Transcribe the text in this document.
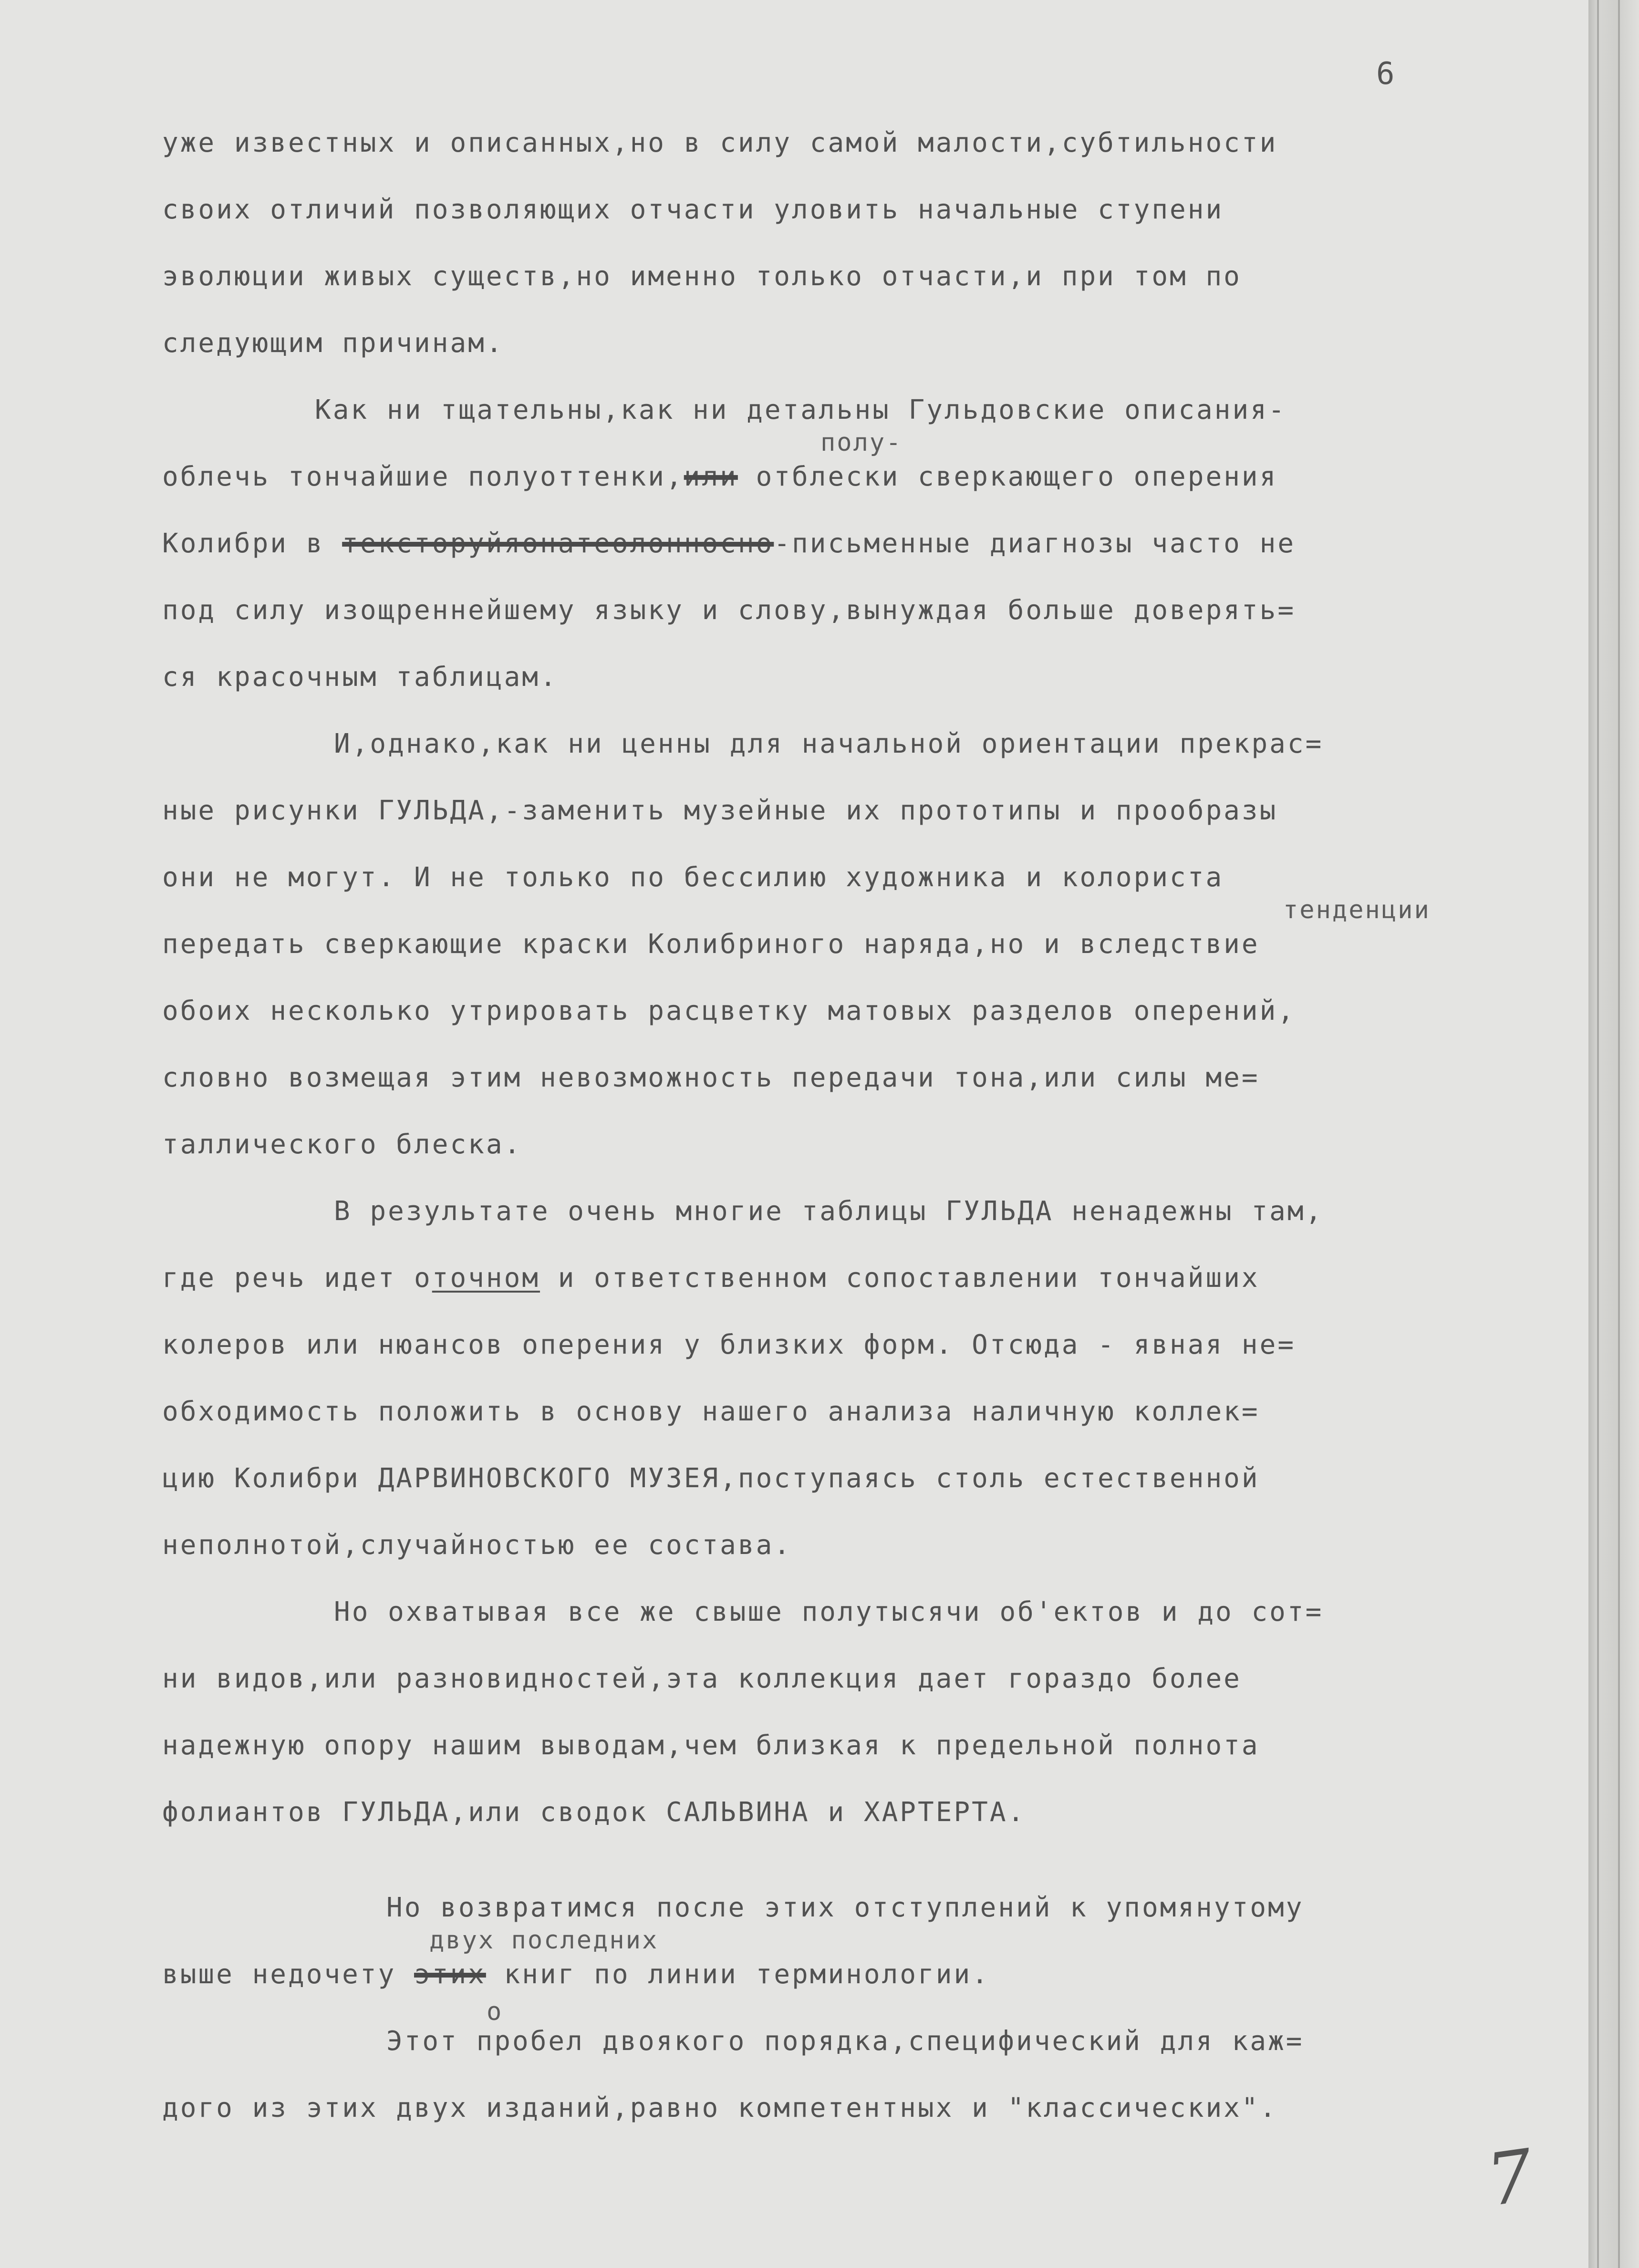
6
уже известных и описанных,но в силу самой малости,субтильности
своих отличий позволяющих отчасти уловить начальные ступени
эволюции живых существ,но именно только отчасти,и при том по
следующим причинам.
Как ни тщательны,как ни детальны Гульдовские описания-
полу-
облечь тончайшие полуоттенки,или отблески сверкающего оперения
Колибри в тексторуйяонатеолонносно-письменные диагнозы часто не
под силу изощреннейшему языку и слову,вынуждая больше доверять=
ся красочным таблицам.
И,однако,как ни ценны для начальной ориентации прекрас=
ные рисунки ГУЛЬДА,-заменить музейные их прототипы и прообразы
они не могут. И не только по бессилию художника и колориста
тенденции
передать сверкающие краски Колибриного наряда,но и вследствие
обоих несколько утрировать расцветку матовых разделов оперений,
словно возмещая этим невозможность передачи тона,или силы ме=
таллического блеска.
В результате очень многие таблицы ГУЛЬДА ненадежны там,
где речь идет оточном и ответственном сопоставлении тончайших
колеров или нюансов оперения у близких форм. Отсюда - явная не=
обходимость положить в основу нашего анализа наличную коллек=
цию Колибри ДАРВИНОВСКОГО МУЗЕЯ,поступаясь столь естественной
неполнотой,случайностью ее состава.
Но охватывая все же свыше полутысячи об'ектов и до сот=
ни видов,или разновидностей,эта коллекция дает гораздо более
надежную опору нашим выводам,чем близкая к предельной полнота
фолиантов ГУЛЬДА,или сводок САЛЬВИНА и ХАРТЕРТА.
Но возвратимся после этих отступлений к упомянутому
двух последних
выше недочету этих книг по линии терминологии.
о
Этот пробел двоякого порядка,специфический для каж=
дого из этих двух изданий,равно компетентных и "классических".
7
